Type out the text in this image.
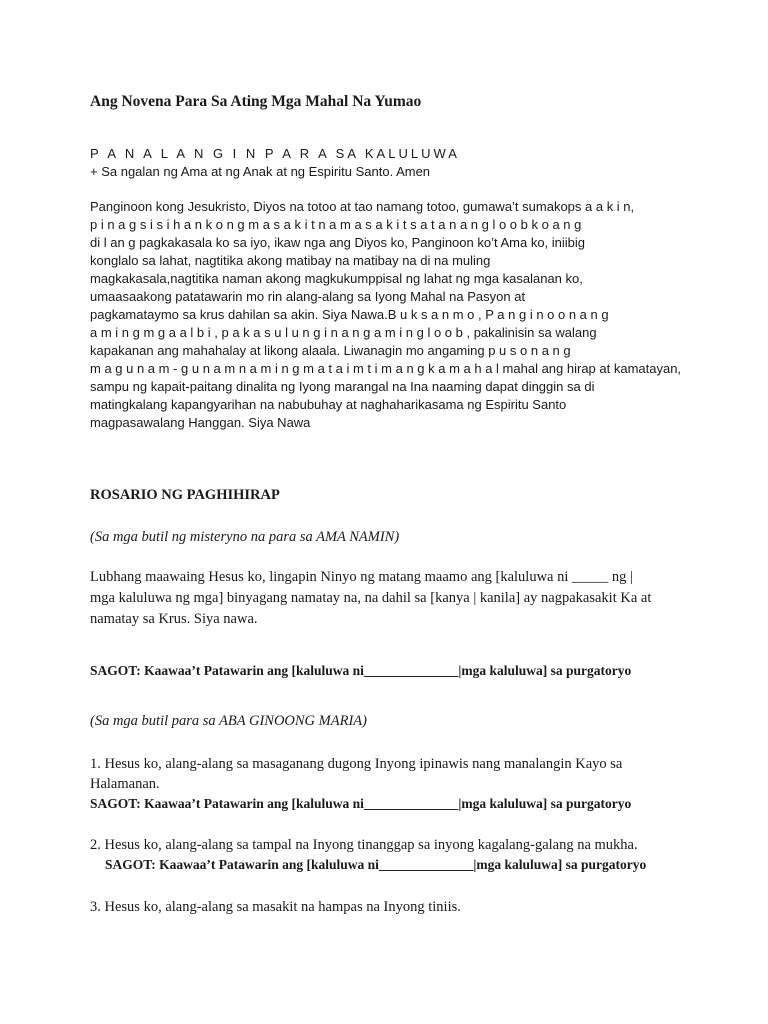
Ang Novena Para Sa Ating Mga Mahal Na Yumao
P A N A L A N G I N P A R A SA KALULUWA
+ Sa ngalan ng Ama at ng Anak at ng Espiritu Santo. Amen
Panginoon kong Jesukristo, Diyos na totoo at tao namang totoo, gumawa’t sumakops a a k i n,
p i n a g s i s i h a n k o n g m a s a k i t n a m a s a k i t s a t a n a n g l o o b k o a n g
di l an g pagkakasala ko sa iyo, ikaw nga ang Diyos ko, Panginoon ko’t Ama ko, iniibig
konglalo sa lahat, nagtitika akong matibay na matibay na di na muling
magkakasala,nagtitika naman akong magkukumppisal ng lahat ng mga kasalanan ko,
umaasaakong patatawarin mo rin alang-alang sa Iyong Mahal na Pasyon at
pagkamataymo sa krus dahilan sa akin. Siya Nawa.B u k s a n m o , P a n g i n o o n a n g
a m i n g m g a a l b i , p a k a s u l u n g i n a n g a m i n g l o o b , pakalinisin sa walang
kapakanan ang mahahalay at likong alaala. Liwanagin mo angaming p u s o n a n g
m a g u n a m - g u n a m n a m i n g m a t a i m t i m a n g k a m a h a l mahal ang hirap at kamatayan,
sampu ng kapait-paitang dinalita ng Iyong marangal na Ina naaming dapat dinggin sa di
matingkalang kapangyarihan na nabubuhay at naghaharikasama ng Espiritu Santo
magpasawalang Hanggan. Siya Nawa
ROSARIO NG PAGHIHIRAP
(Sa mga butil ng misteryno na para sa AMA NAMIN)
Lubhang maawaing Hesus ko, lingapin Ninyo ng matang maamo ang [kaluluwa ni _____ ng |
mga kaluluwa ng mga] binyagang namatay na, na dahil sa [kanya | kanila] ay nagpakasakit Ka at
namatay sa Krus. Siya nawa.
SAGOT: Kaawaa’t Patawarin ang [kaluluwa ni______________|mga kaluluwa] sa purgatoryo
(Sa mga butil para sa ABA GINOONG MARIA)
1. Hesus ko, alang-alang sa masaganang dugong Inyong ipinawis nang manalangin Kayo sa
Halamanan.
SAGOT: Kaawaa’t Patawarin ang [kaluluwa ni______________|mga kaluluwa] sa purgatoryo
2. Hesus ko, alang-alang sa tampal na Inyong tinanggap sa inyong kagalang-galang na mukha.
SAGOT: Kaawaa’t Patawarin ang [kaluluwa ni______________|mga kaluluwa] sa purgatoryo
3. Hesus ko, alang-alang sa masakit na hampas na Inyong tiniis.
